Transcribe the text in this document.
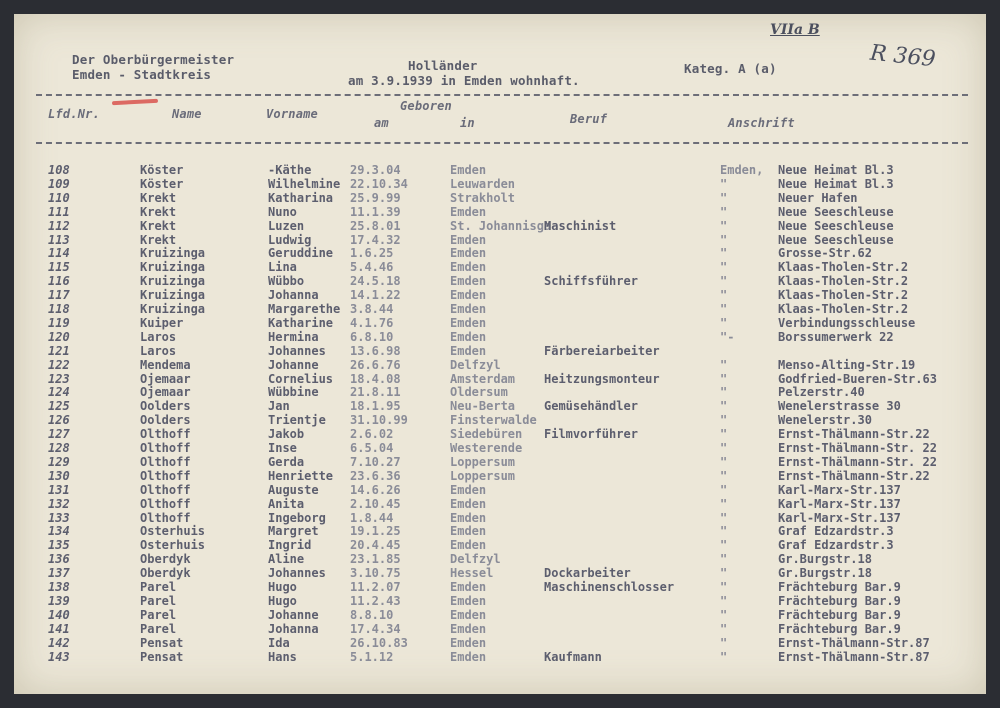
Der Oberbürgermeister
Emden - Stadtkreis
Holländer
am 3.9.1939 in Emden wohnhaft.
Kateg. A (a)
VIIa B
R 369
Lfd.Nr.	Name	Vorname
Geboren
am	in	Beruf	Anschrift
108	Köster	-Käthe	29.3.04	Emden	Emden, Neue Heimat Bl.3
109	Köster	Wilhelmine 22.10.34	Leuwarden	"	Neue Heimat Bl.3
110	Krekt	Katharina 25.9.99	Strakholt	"	Neuer Hafen
111	Krekt	Nuno	11.1.39	Emden	"	Neue Seeschleuse
112	Krekt	Luzen	25.8.01	St. Johannisga
Maschinist	"	Neue Seeschleuse
113	Krekt	Ludwig	17.4.32	Emden	"	Neue Seeschleuse
114	Kruizinga	Geruddine 1.6.25	Emden	"	Grosse-Str.62
115	Kruizinga	Lina	5.4.46	Emden	"	Klaas-Tholen-Str.2
116	Kruizinga	Wübbo	24.5.18	Emden	Schiffsführer	"	Klaas-Tholen-Str.2
117	Kruizinga	Johanna	14.1.22	Emden	"	Klaas-Tholen-Str.2
118	Kruizinga	Margarethe 3.8.44	Emden	"	Klaas-Tholen-Str.2
119	Kuiper	Katharine 4.1.76	Emden	"	Verbindungsschleuse
120	Laros	Hermina	6.8.10	Emden	"-	Borssumerwerk 22
121	Laros	Johannes 13.6.98	Emden	Färbereiarbeiter
122	Mendema	Johanne	26.6.76	Delfzyl	"	Menso-Alting-Str.19
123	Ojemaar	Cornelius 18.4.08	Amsterdam Heitzungsmonteur	"	Godfried-Bueren-Str.63
124	Ojemaar	Wübbine	21.8.11	Oldersum	"	Pelzerstr.40
125	Oolders	Jan	18.1.95	Neu-Berta Gemüsehändler	"	Wenelerstrasse 30
126	Oolders	Trientje 31.10.99	Finsterwalde	"	Wenelerstr.30
127	Olthoff	Jakob	2.6.02	Siedebüren Filmvorführer	"	Ernst-Thälmann-Str.22
128	Olthoff	Inse	6.5.04	Westerende	"	Ernst-Thälmann-Str. 22
129	Olthoff	Gerda	7.10.27	Loppersum	"	Ernst-Thälmann-Str. 22
130	Olthoff	Henriette 23.6.36	Loppersum	"	Ernst-Thälmann-Str.22
131	Olthoff	Auguste	14.6.26	Emden	"	Karl-Marx-Str.137
132	Olthoff	Anita	2.10.45	Emden	"	Karl-Marx-Str.137
133	Olthoff	Ingeborg 1.8.44	Emden	"	Karl-Marx-Str.137
134	Osterhuis	Margret	19.1.25	Emden	"	Graf Edzardstr.3
135	Osterhuis	Ingrid	20.4.45	Emden	"	Graf Edzardstr.3
136	Oberdyk	Aline	23.1.85	Delfzyl	"	Gr.Burgstr.18
137	Oberdyk	Johannes 3.10.75	Hessel	Dockarbeiter	"	Gr.Burgstr.18
138	Parel	Hugo	11.2.07	Emden	Maschinenschlosser	"	Frächteburg Bar.9
139	Parel	Hugo	11.2.43	Emden	"	Frächteburg Bar.9
140	Parel	Johanne	8.8.10	Emden	"	Frächteburg Bar.9
141	Parel	Johanna	17.4.34	Emden	"	Frächteburg Bar.9
142	Pensat	Ida	26.10.83	Emden	"	Ernst-Thälmann-Str.87
143	Pensat	Hans	5.1.12	Emden	Kaufmann	"	Ernst-Thälmann-Str.87
